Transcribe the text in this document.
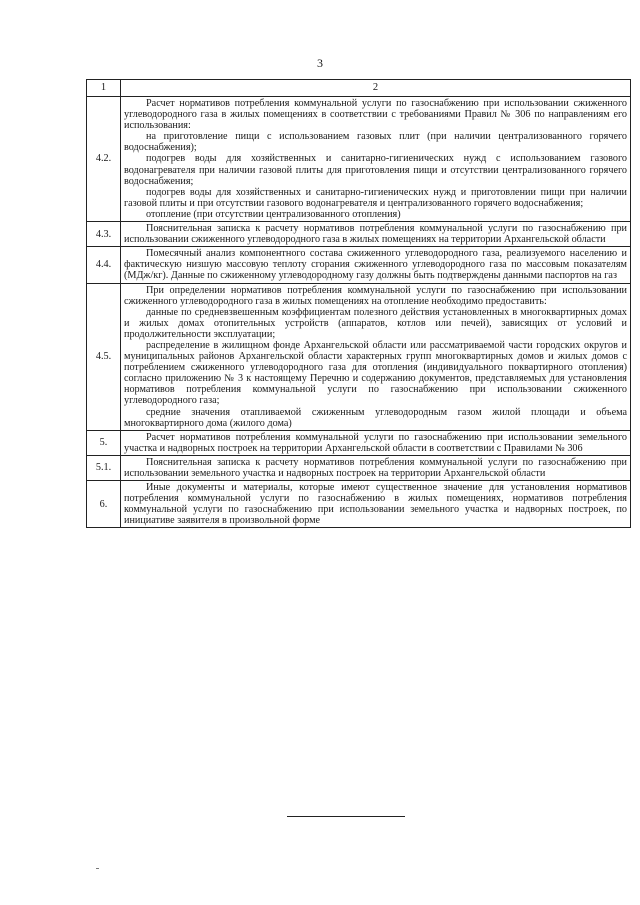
3
1	2
4.2.	Расчет нормативов потребления коммунальной услуги по газоснабжению при использовании сжиженного углеводородного газа в жилых помещениях в соответствии с требованиями Правил № 306 по направлениям его использования:

на приготовление пищи с использованием газовых плит (при наличии централизованного горячего водоснабжения);

подогрев воды для хозяйственных и санитарно-гигиенических нужд с использованием газового водонагревателя при наличии газовой плиты для приготовления пищи и отсутствии централизованного горячего водоснабжения;

подогрев воды для хозяйственных и санитарно-гигиенических нужд и приготовлении пищи при наличии газовой плиты и при отсутствии газового водонагревателя и централизованного горячего водоснабжения;

отопление (при отсутствии централизованного отопления)

4.3.	Пояснительная записка к расчету нормативов потребления коммунальной услуги по газоснабжению при использовании сжиженного углеводородного газа в жилых помещениях на территории Архангельской области

4.4.	Помесячный анализ компонентного состава сжиженного углеводородного газа, реализуемого населению и фактическую низшую массовую теплоту сгорания сжиженного углеводородного газа по массовым показателям (МДж/кг). Данные по сжиженному углеводородному газу должны быть подтверждены данными паспортов на газ

4.5.	При определении нормативов потребления коммунальной услуги по газоснабжению при использовании сжиженного углеводородного газа в жилых помещениях на отопление необходимо предоставить:

данные по средневзвешенным коэффициентам полезного действия установленных в многоквартирных домах и жилых домах отопительных устройств (аппаратов, котлов или печей), зависящих от условий и продолжительности эксплуатации;

распределение в жилищном фонде Архангельской области или рассматриваемой части городских округов и муниципальных районов Архангельской области характерных групп многоквартирных домов и жилых домов с потреблением сжиженного углеводородного газа для отопления (индивидуального поквартирного отопления) согласно приложению № 3 к настоящему Перечню и содержанию документов, представляемых для установления нормативов потребления коммунальной услуги по газоснабжению при использовании сжиженного углеводородного газа;

средние значения отапливаемой сжиженным углеводородным газом жилой площади и объема многоквартирного дома (жилого дома)

5.	Расчет нормативов потребления коммунальной услуги по газоснабжению при использовании земельного участка и надворных построек на территории Архангельской области в соответствии с Правилами № 306

5.1.	Пояснительная записка к расчету нормативов потребления коммунальной услуги по газоснабжению при использовании земельного участка и надворных построек на территории Архангельской области

6.	Иные документы и материалы, которые имеют существенное значение для установления нормативов потребления коммунальной услуги по газоснабжению в жилых помещениях, нормативов потребления коммунальной услуги по газоснабжению при использовании земельного участка и надворных построек, по инициативе заявителя в произвольной форме
